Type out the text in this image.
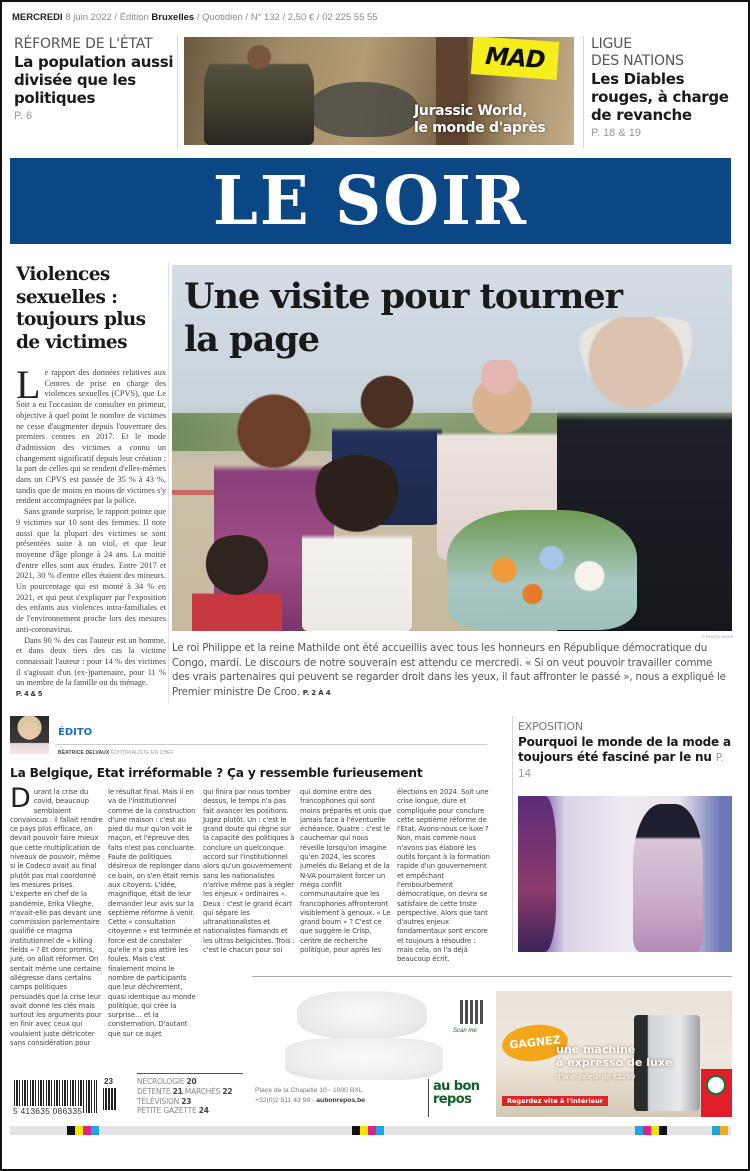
MERCREDI 8 juin 2022 / Édition Bruxelles / Quotidien / N° 132 / 2,50 € / 02 225 55 55
RÉFORME DE L'ÉTAT
La population aussi divisée que les politiques
P. 6
MAD
Jurassic World,
le monde d'après
LIGUE
DES NATIONS
Les Diables rouges, à charge de revanche
P. 18 & 19
LE SOIR
Violences sexuelles : toujours plus de victimes

Le rapport des données relatives aux Centres de prise en charge des violences sexuelles (CPVS), que Le Soir a eu l'occasion de consulter en primeur, objective à quel point le nombre de victimes ne cesse d'augmenter depuis l'ouverture des premiers centres en 2017. Et le mode d'admission des victimes a connu un changement significatif depuis leur création : la part de celles qui se rendent d'elles-mêmes dans un CPVS est passée de 35 % à 43 %, tandis que de moins en moins de victimes s'y rendent accompagnées par la police.

Sans grande surprise, le rapport pointe que 9 victimes sur 10 sont des femmes. Il note aussi que la plupart des victimes se sont présentées suite à un viol, et que leur moyenne d'âge plonge à 24 ans. La moitié d'entre elles sont aux études. Entre 2017 et 2021, 30 % d'entre elles étaient des mineurs. Un pourcentage qui est monté à 34 % en 2021, et qui peut s'expliquer par l'exposition des enfants aux violences intra-familiales et de l'environnement proche lors des mesures anti-coronavirus.

Dans 90 % des cas l'auteur est un homme, et dans deux tiers des cas la victime connaissait l'auteur : pour 14 % des victimes il s'agissait d'un (ex-)partenaire, pour 11 % un membre de la famille ou du ménage.

P. 4 & 5
Une visite pour tourner
la page
© PHOTO NEWS
Le roi Philippe et la reine Mathilde ont été accueillis avec tous les honneurs en République démocratique du Congo, mardi. Le discours de notre souverain est attendu ce mercredi. « Si on veut pouvoir travailler comme des vrais partenaires qui peuvent se regarder droit dans les yeux, il faut affronter le passé », nous a expliqué le Premier ministre De Croo. P. 2 À 4
ÉDITO
BÉATRICE DELVAUX ÉDITORIALISTE EN CHEF
La Belgique, Etat irréformable ? Ça y ressemble furieusement
Durant la crise du covid, beaucoup semblaient convaincus : il fallait rendre ce pays plus efficace, on devait pouvoir faire mieux que cette multiplication de niveaux de pouvoir, même si le Codeco avait au final plutôt pas mal coordonné les mesures prises. L'experte en chef de la pandémie, Erika Vlieghe, n'avait-elle pas devant une commission parlementaire qualifié ce magma institutionnel de « killing fields » ? Et donc promis, juré, on allait réformer. On sentait même une certaine allégresse dans certains camps politiques persuadés que la crise leur avait donné les clés mais surtout les arguments pour en finir avec ceux qui voulaient juste détricoter sans considération pour
le résultat final. Mais il en va de l'institutionnel comme de la construction d'une maison : c'est au pied du mur qu'on voit le maçon, et l'épreuve des faits n'est pas concluante. Faute de politiques désireux de replonger dans ce bain, on s'en était remis aux citoyens. L'idée, magnifique, était de leur demander leur avis sur la septième réforme à venir. Cette « consultation citoyenne » est terminée et force est de constater qu'elle n'a pas attiré les foules. Mais c'est finalement moins le nombre de participants que leur déchirement, quasi identique au monde politique, qui crée la surprise… et la consternation. D'autant que sur ce sujet
qui finira par nous tomber dessus, le temps n'a pas fait avancer les positions. Jugez plutôt. Un : c'est le grand doute qui règne sur la capacité des politiques à conclure un quelconque accord sur l'institutionnel alors qu'un gouvernement sans les nationalistes n'arrive même pas à régler les enjeux « ordinaires ». Deux : c'est le grand écart qui sépare les ultranationalistes et nationalistes flamands et les ultras belgicistes. Trois : c'est le chacun pour soi
qui domine entre des francophones qui sont moins préparés et unis que jamais face à l'éventuelle échéance. Quatre : c'est le cauchemar qui nous réveille lorsqu'on imagine qu'en 2024, les scores jumelés du Belang et de la N-VA pourraient forcer un méga conflit communautaire que les francophones affronteront visiblement à genoux. « Le grand boum » ? C'est ce que suggère le Crisp, centre de recherche politique, pour après les
élections en 2024. Soit une crise longue, dure et compliquée pour conclure cette septième réforme de l'Etat. Avons-nous ce luxe ? Non, mais comme nous n'avons pas élaboré les outils forçant à la formation rapide d'un gouvernement et empêchant l'embourbement démocratique, on devra se satisfaire de cette triste perspective. Alors que tant d'autres enjeux fondamentaux sont encore et toujours à résoudre : mais cela, on l'a déjà beaucoup écrit.
EXPOSITION
Pourquoi le monde de la mode a toujours été fasciné par le nu P. 14
Scan me
Place de la Chapelle 10 - 1000 BXL
+32(0)2 511 43 98 - aubonrepos.be
au bon
repos
GAGNEZ
une machine
à expresso de luxe
d'une valeur de €1299
Regardez vite à l'intérieur
5 413635 086335
23	NÉCROLOGIE 20
DÉTENTE 21 MARCHÉS 22
TÉLÉVISION 23
PETITE GAZETTE 24
